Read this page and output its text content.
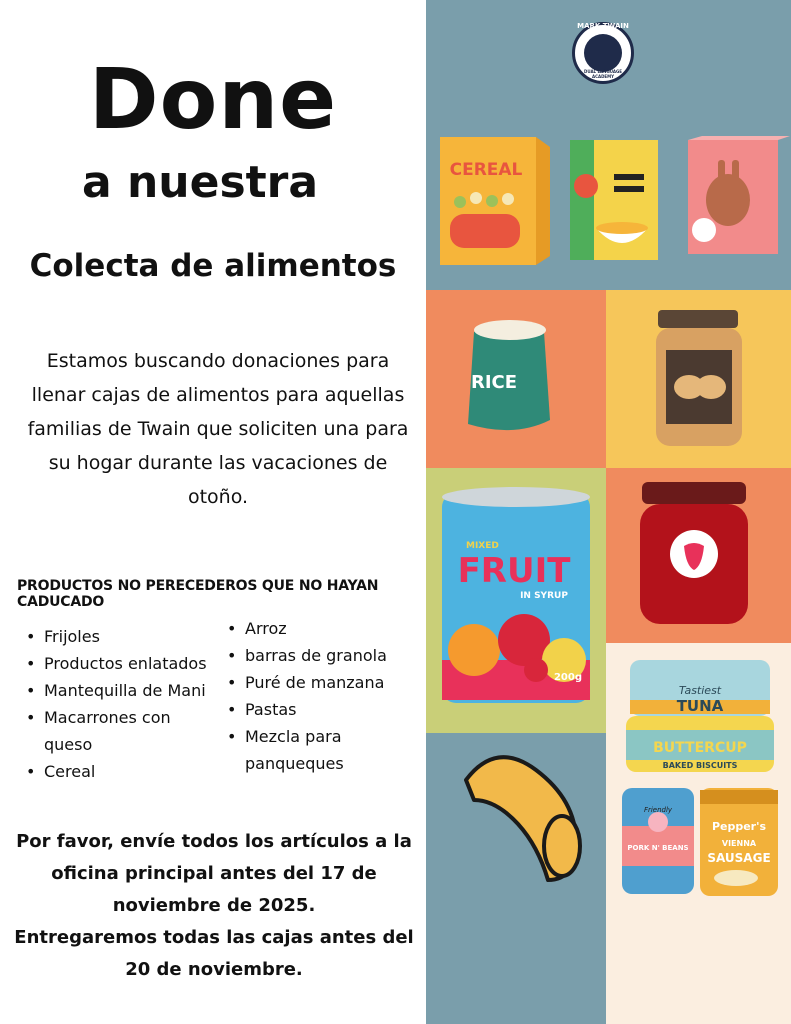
Done
a nuestra
Colecta de alimentos
Estamos buscando donaciones para llenar cajas de alimentos para aquellas familias de Twain que soliciten una para su hogar durante las vacaciones de otoño.
PRODUCTOS NO PERECEDEROS QUE NO HAYAN CADUCADO
• Frijoles
• Productos enlatados
• Mantequilla de Mani
• Macarrones con queso
• Cereal
• Arroz
• barras de granola
• Puré de manzana
• Pastas
• Mezcla para panqueques
Por favor, envíe todos los artículos a la oficina principal antes del 17 de noviembre de 2025.
Entregaremos todas las cajas antes del 20 de noviembre.
CEREAL
RICE
MIXED
FRUIT
IN SYRUP
200g
Tastiest
TUNA
BUTTERCUP
BAKED BISCUITS
Friendly
PORK N' BEANS
Pepper's
VIENNA
SAUSAGE
MARK TWAIN
DUAL LANGUAGE ACADEMY
